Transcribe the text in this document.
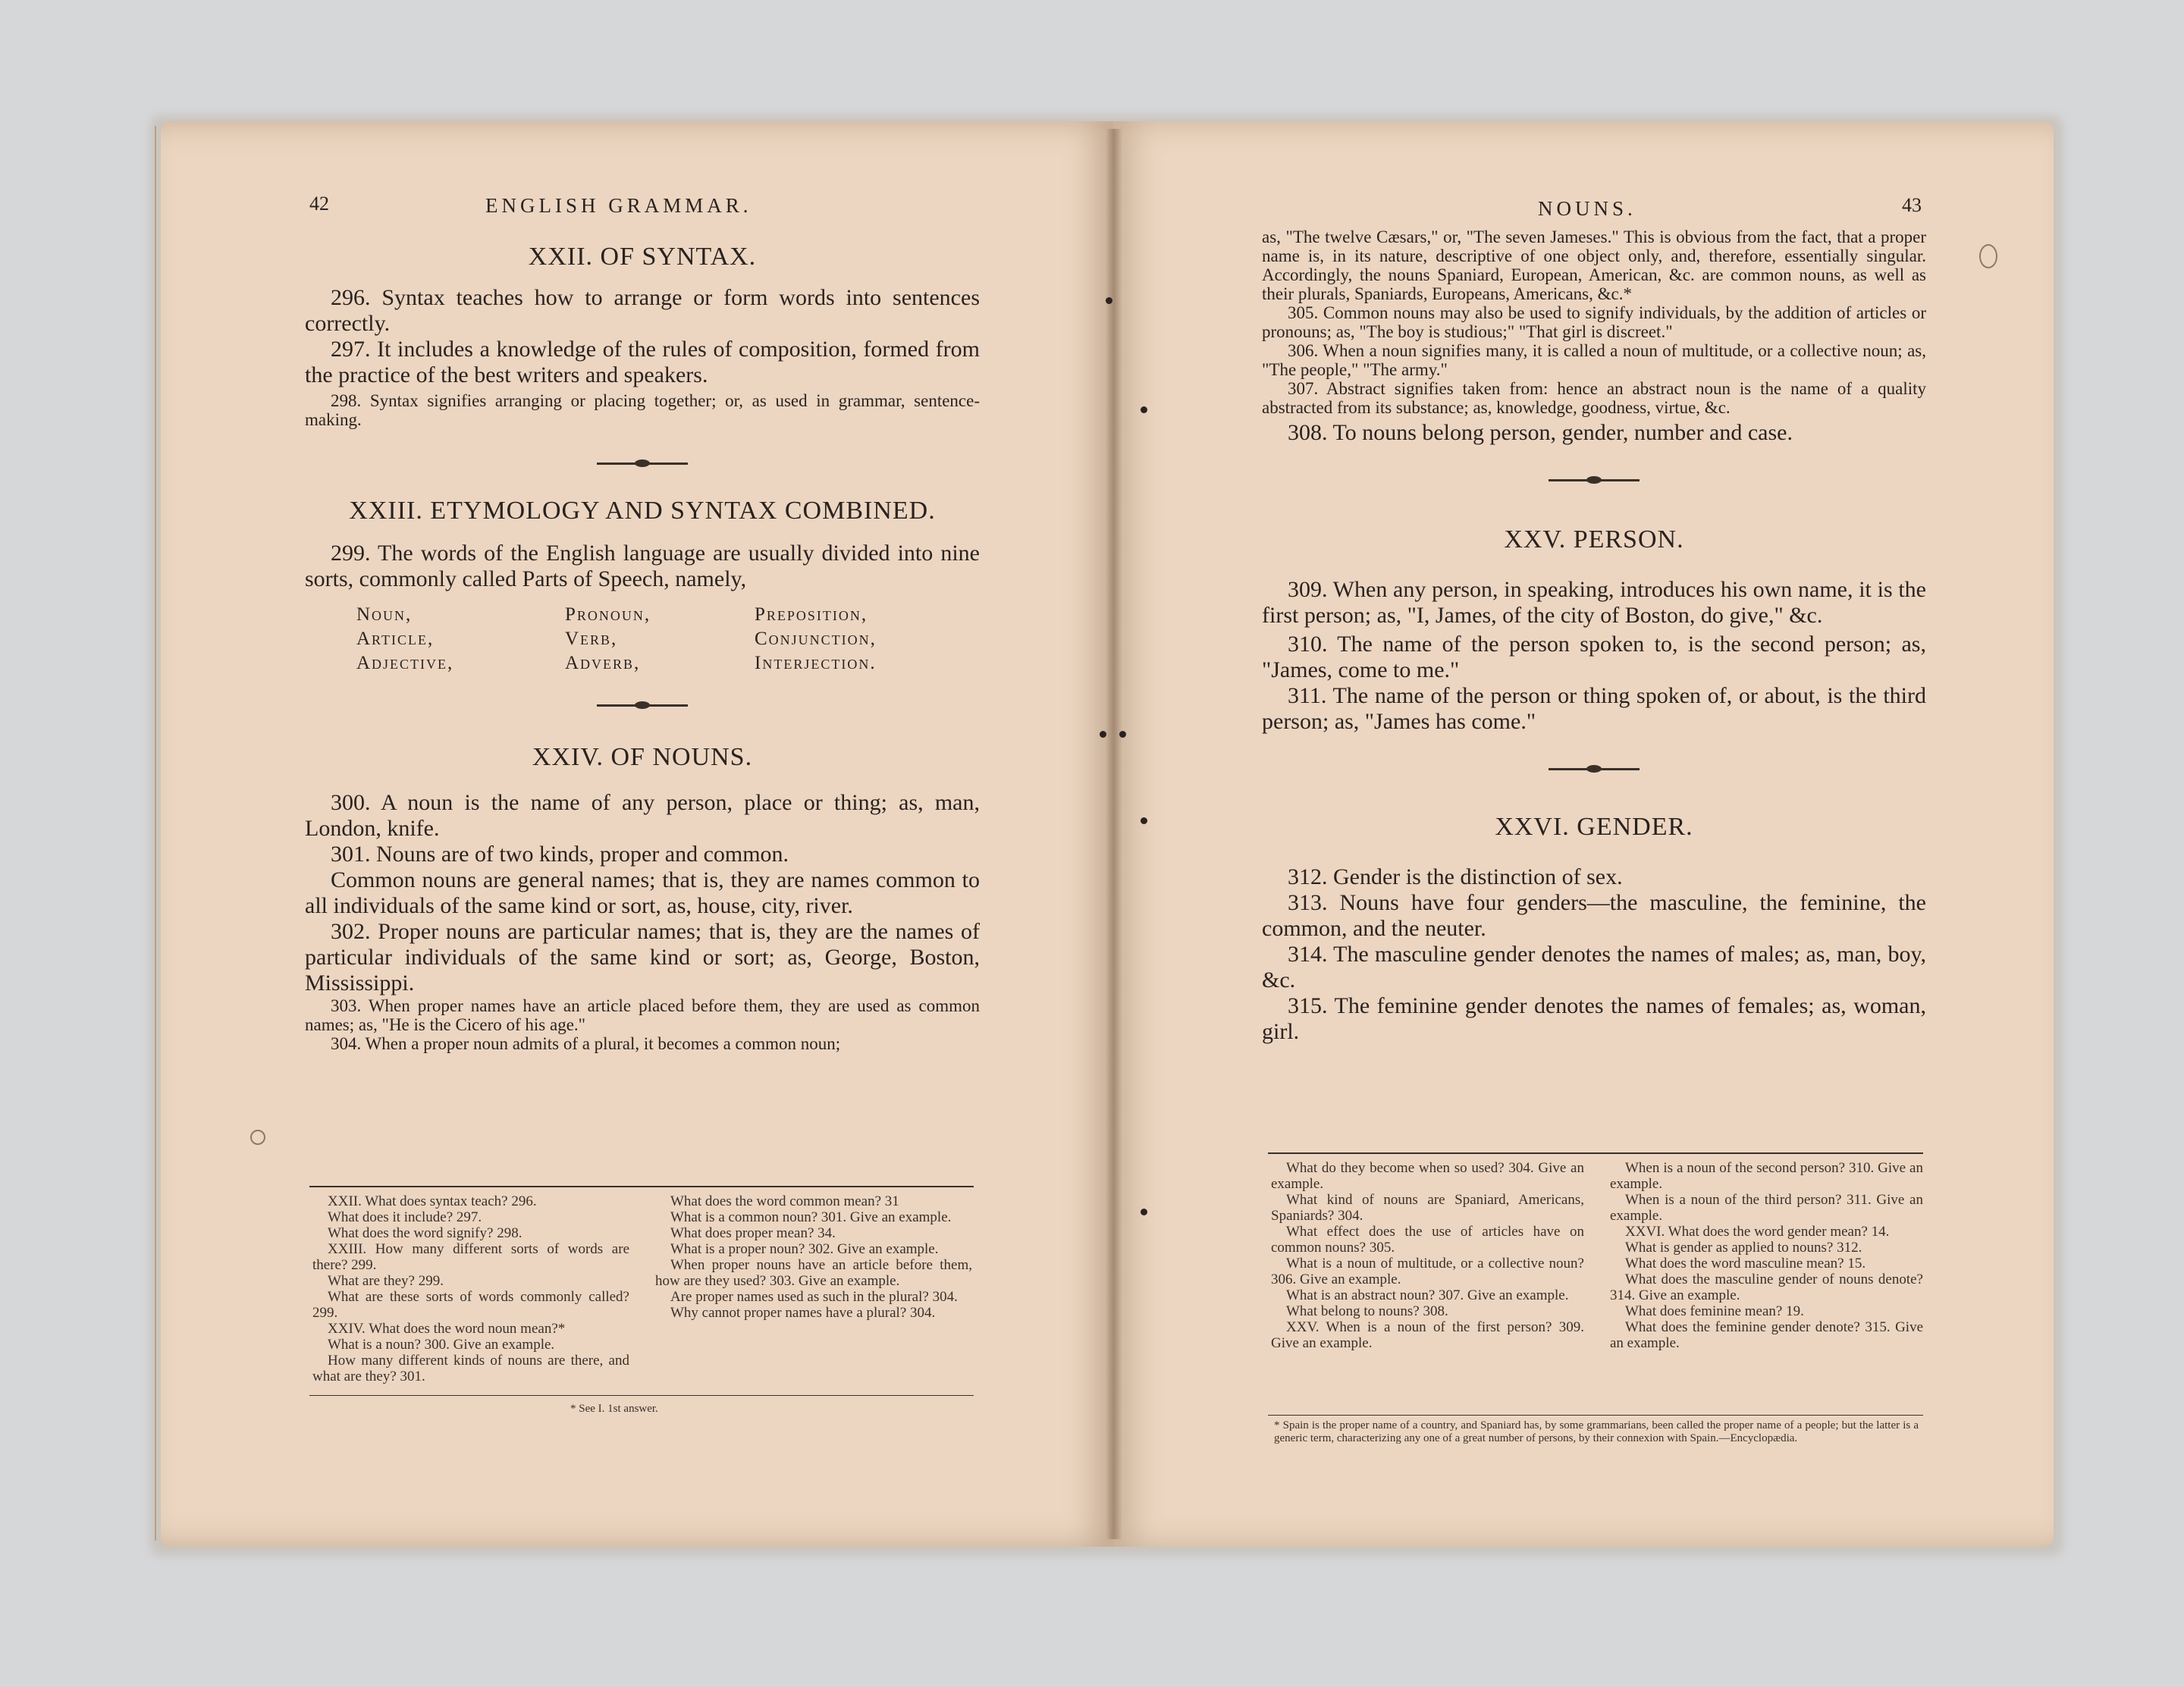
42	ENGLISH GRAMMAR.
XXII. OF SYNTAX.
296. Syntax teaches how to arrange or form words into sentences correctly.
297. It includes a knowledge of the rules of composition, formed from the practice of the best writers and speakers.
298. Syntax signifies arranging or placing together; or, as used in grammar, sentence-making.
XXIII. ETYMOLOGY AND SYNTAX COMBINED.
299. The words of the English language are usually divided into nine sorts, commonly called Parts of Speech, namely,
Noun,	Pronoun,	Preposition,
Article,	Verb,	Conjunction,
Adjective,	Adverb,	Interjection.
XXIV. OF NOUNS.
300. A noun is the name of any person, place or thing; as, man, London, knife.
301. Nouns are of two kinds, proper and common.
Common nouns are general names; that is, they are names common to all individuals of the same kind or sort, as, house, city, river.
302. Proper nouns are particular names; that is, they are the names of particular individuals of the same kind or sort; as, George, Boston, Mississippi.
303. When proper names have an article placed before them, they are used as common names; as, "He is the Cicero of his age."
304. When a proper noun admits of a plural, it becomes a common noun;
XXII. What does syntax teach? 296.
What does it include? 297.
What does the word signify? 298.
XXIII. How many different sorts of words are there? 299.
What are they? 299.
What are these sorts of words commonly called? 299.
XXIV. What does the word noun mean?*
What is a noun? 300. Give an example.
How many different kinds of nouns are there, and what are they? 301.
What does the word common mean? 31
What is a common noun? 301. Give an example.
What does proper mean? 34.
What is a proper noun? 302. Give an example.
When proper nouns have an article before them, how are they used? 303. Give an example.
Are proper names used as such in the plural? 304.
Why cannot proper names have a plural? 304.
* See I. 1st answer.
NOUNS.	43
as, "The twelve Cæsars," or, "The seven Jameses." This is obvious from the fact, that a proper name is, in its nature, descriptive of one object only, and, therefore, essentially singular. Accordingly, the nouns Spaniard, European, American, &c. are common nouns, as well as their plurals, Spaniards, Europeans, Americans, &c.*
305. Common nouns may also be used to signify individuals, by the addition of articles or pronouns; as, "The boy is studious;" "That girl is discreet."
306. When a noun signifies many, it is called a noun of multitude, or a collective noun; as, "The people," "The army."
307. Abstract signifies taken from: hence an abstract noun is the name of a quality abstracted from its substance; as, knowledge, goodness, virtue, &c.
308. To nouns belong person, gender, number and case.
XXV. PERSON.
309. When any person, in speaking, introduces his own name, it is the first person; as, "I, James, of the city of Boston, do give," &c.
310. The name of the person spoken to, is the second person; as, "James, come to me."
311. The name of the person or thing spoken of, or about, is the third person; as, "James has come."
XXVI. GENDER.
312. Gender is the distinction of sex.
313. Nouns have four genders—the masculine, the feminine, the common, and the neuter.
314. The masculine gender denotes the names of males; as, man, boy, &c.
315. The feminine gender denotes the names of females; as, woman, girl.
What do they become when so used? 304. Give an example.
What kind of nouns are Spaniard, Americans, Spaniards? 304.
What effect does the use of articles have on common nouns? 305.
What is a noun of multitude, or a collective noun? 306. Give an example.
What is an abstract noun? 307. Give an example.
What belong to nouns? 308.
XXV. When is a noun of the first person? 309. Give an example.
When is a noun of the second person? 310. Give an example.
When is a noun of the third person? 311. Give an example.
XXVI. What does the word gender mean? 14.
What is gender as applied to nouns? 312.
What does the word masculine mean? 15.
What does the masculine gender of nouns denote? 314. Give an example.
What does feminine mean? 19.
What does the feminine gender denote? 315. Give an example.
* Spain is the proper name of a country, and Spaniard has, by some grammarians, been called the proper name of a people; but the latter is a generic term, characterizing any one of a great number of persons, by their connexion with Spain.—Encyclopædia.
